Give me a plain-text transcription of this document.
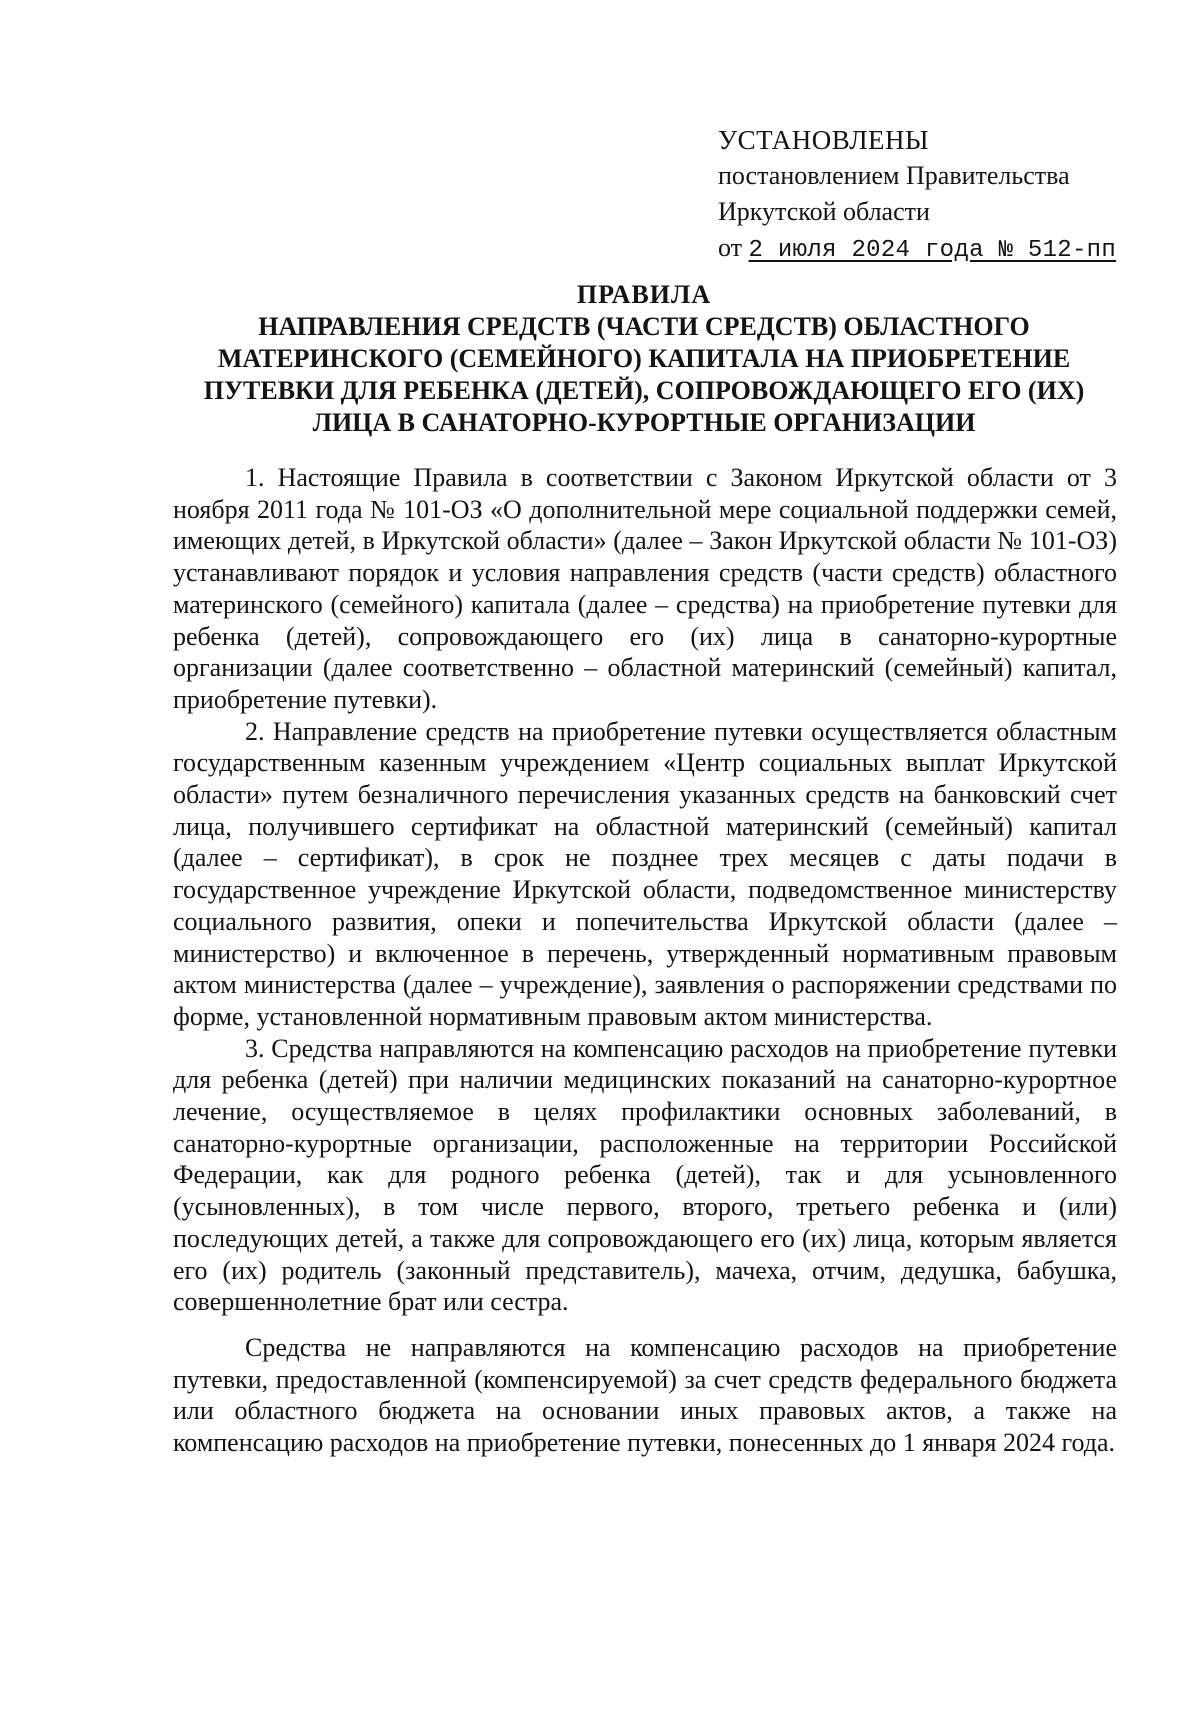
УСТАНОВЛЕНЫ
постановлением Правительства
Иркутской области
от 2 июля 2024 года № 512-пп
ПРАВИЛА
НАПРАВЛЕНИЯ СРЕДСТВ (ЧАСТИ СРЕДСТВ) ОБЛАСТНОГО МАТЕРИНСКОГО (СЕМЕЙНОГО) КАПИТАЛА НА ПРИОБРЕТЕНИЕ ПУТЕВКИ ДЛЯ РЕБЕНКА (ДЕТЕЙ), СОПРОВОЖДАЮЩЕГО ЕГО (ИХ) ЛИЦА В САНАТОРНО-КУРОРТНЫЕ ОРГАНИЗАЦИИ

1. Настоящие Правила в соответствии с Законом Иркутской области от 3 ноября 2011 года № 101-ОЗ «О дополнительной мере социальной поддержки семей, имеющих детей, в Иркутской области» (далее – Закон Иркутской области № 101-ОЗ) устанавливают порядок и условия направления средств (части средств) областного материнского (семейного) капитала (далее – средства) на приобретение путевки для ребенка (детей), сопровождающего его (их) лица в санаторно-курортные организации (далее соответственно – областной материнский (семейный) капитал, приобретение путевки).

2. Направление средств на приобретение путевки осуществляется областным государственным казенным учреждением «Центр социальных выплат Иркутской области» путем безналичного перечисления указанных средств на банковский счет лица, получившего сертификат на областной материнский (семейный) капитал (далее – сертификат), в срок не позднее трех месяцев с даты подачи в государственное учреждение Иркутской области, подведомственное министерству социального развития, опеки и попечительства Иркутской области (далее – министерство) и включенное в перечень, утвержденный нормативным правовым актом министерства (далее – учреждение), заявления о распоряжении средствами по форме, установленной нормативным правовым актом министерства.

3. Средства направляются на компенсацию расходов на приобретение путевки для ребенка (детей) при наличии медицинских показаний на санаторно-курортное лечение, осуществляемое в целях профилактики основных заболеваний, в санаторно-курортные организации, расположенные на территории Российской Федерации, как для родного ребенка (детей), так и для усыновленного (усыновленных), в том числе первого, второго, третьего ребенка и (или) последующих детей, а также для сопровождающего его (их) лица, которым является его (их) родитель (законный представитель), мачеха, отчим, дедушка, бабушка, совершеннолетние брат или сестра.

Средства не направляются на компенсацию расходов на приобретение путевки, предоставленной (компенсируемой) за счет средств федерального бюджета или областного бюджета на основании иных правовых актов, а также на компенсацию расходов на приобретение путевки, понесенных до 1 января 2024 года.
